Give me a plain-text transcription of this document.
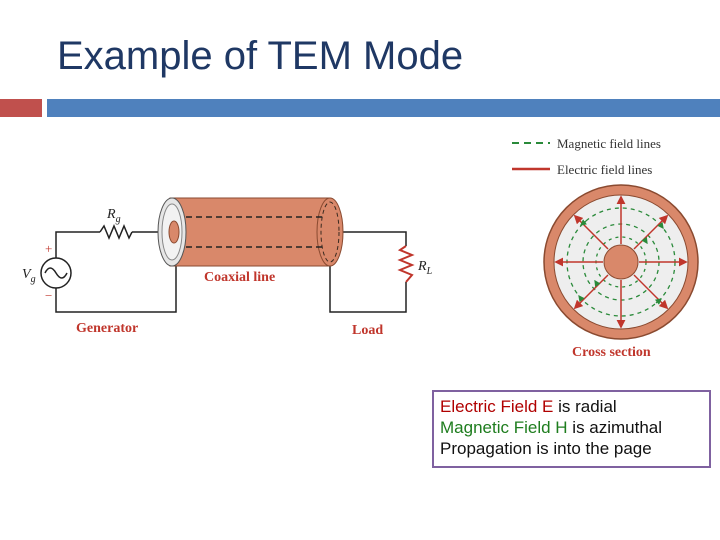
Example of TEM Mode
Magnetic field lines
Electric field lines
$R_g$
+
−
$V_g$
$R_L$
Coaxial line
Generator	Load
Cross section
Electric Field E is radial
Magnetic Field H is azimuthal
Propagation is into the page
